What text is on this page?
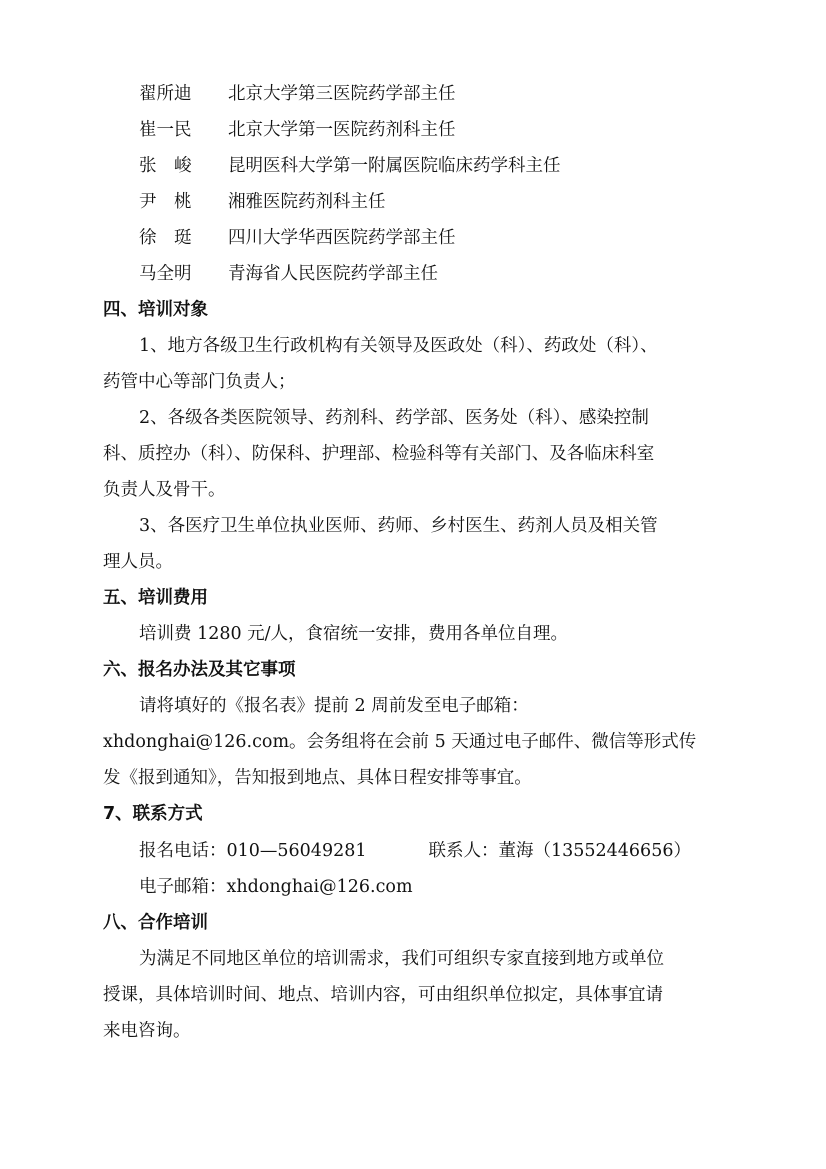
翟所迪	北京大学第三医院药学部主任
崔一民	北京大学第一医院药剂科主任
张　峻	昆明医科大学第一附属医院临床药学科主任
尹　桃	湘雅医院药剂科主任
徐　珽	四川大学华西医院药学部主任
马全明	青海省人民医院药学部主任
四、培训对象
1、地方各级卫生行政机构有关领导及医政处（科）、药政处（科）、
药管中心等部门负责人；
2、各级各类医院领导、药剂科、药学部、医务处（科）、感染控制
科、质控办（科）、防保科、护理部、检验科等有关部门、及各临床科室
负责人及骨干。
3、各医疗卫生单位执业医师、药师、乡村医生、药剂人员及相关管
理人员。
五、培训费用
培训费 1280 元/人，食宿统一安排，费用各单位自理。
六、报名办法及其它事项
请将填好的《报名表》提前 2 周前发至电子邮箱：
xhdonghai@126.com。会务组将在会前 5 天通过电子邮件、微信等形式传
发《报到通知》，告知报到地点、具体日程安排等事宜。
7、联系方式
报名电话：010—56049281	联系人：董海（13552446656）
电子邮箱：xhdonghai@126.com
八、合作培训
为满足不同地区单位的培训需求，我们可组织专家直接到地方或单位
授课，具体培训时间、地点、培训内容，可由组织单位拟定，具体事宜请
来电咨询。
